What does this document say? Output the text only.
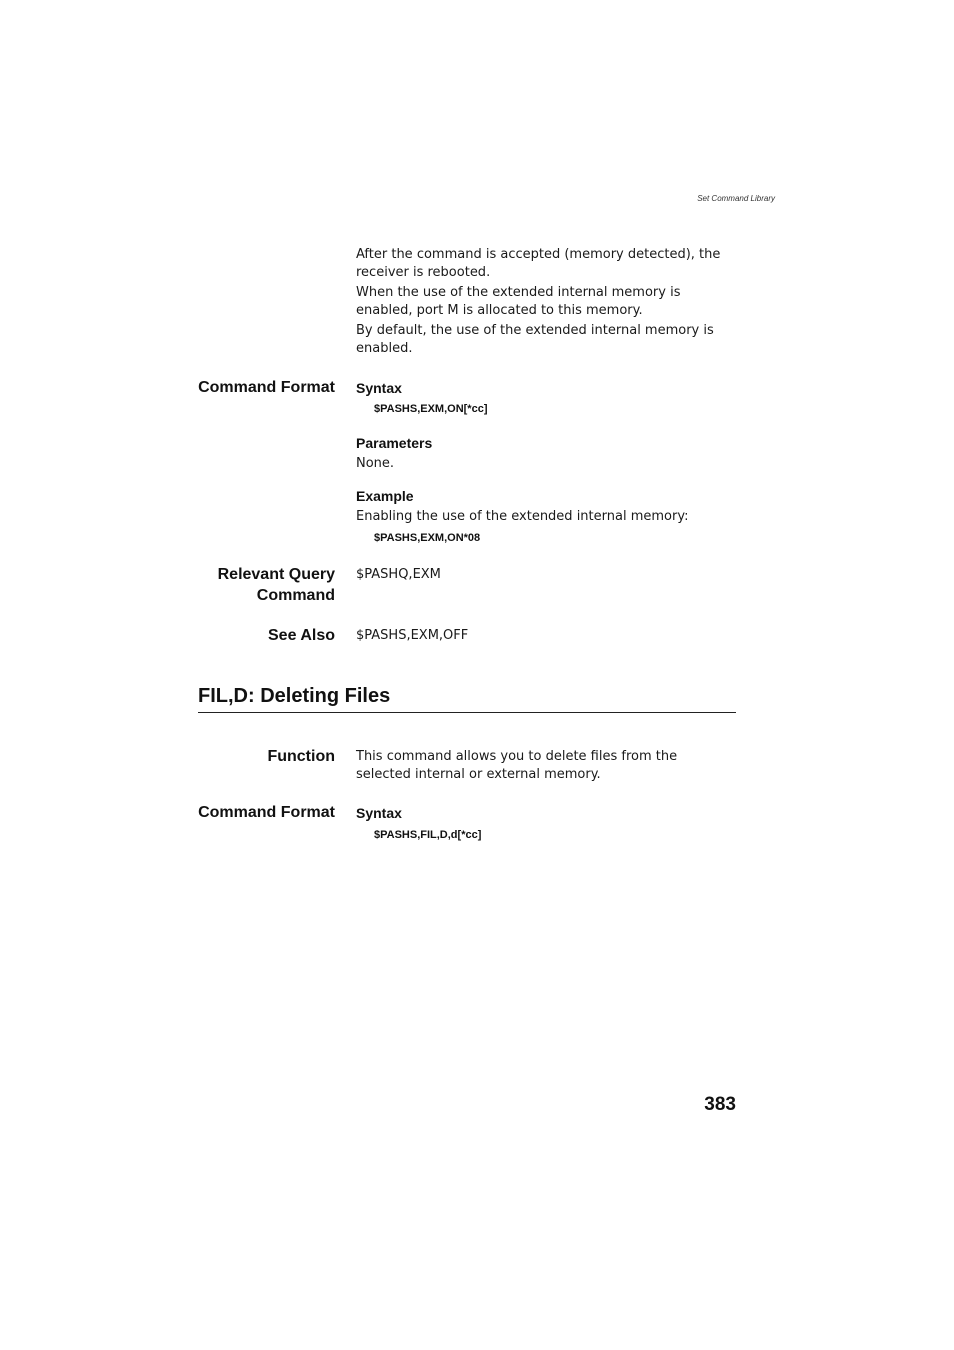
Set Command Library
After the command is accepted (memory detected), the receiver is rebooted.
When the use of the extended internal memory is enabled, port M is allocated to this memory.
By default, the use of the extended internal memory is enabled.
Command Format Syntax
$PASHS,EXM,ON[*cc]
Parameters
None.
Example
Enabling the use of the extended internal memory:
$PASHS,EXM,ON*08
Relevant Query
Command
$PASHQ,EXM
See Also $PASHS,EXM,OFF
FIL,D: Deleting Files
Function This command allows you to delete files from the selected internal or external memory.
Command Format Syntax
$PASHS,FIL,D,d[*cc]
383
